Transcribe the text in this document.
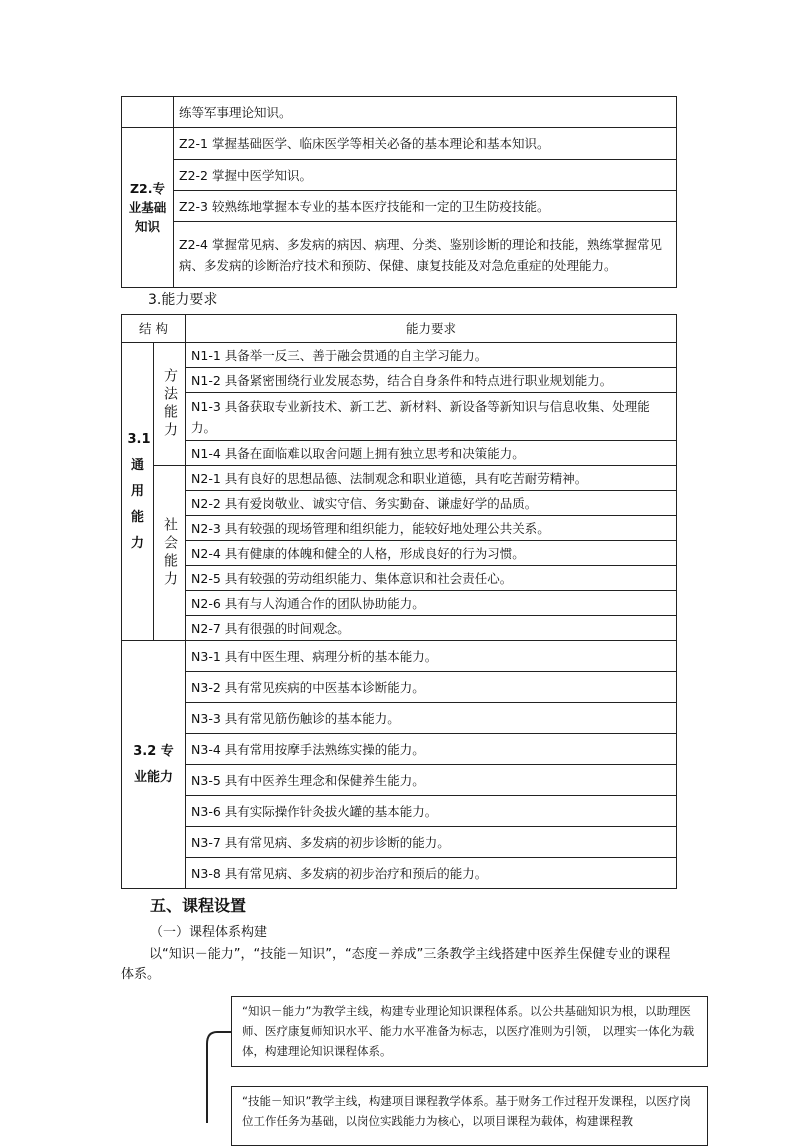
	练等军事理论知识。
Z2.专业基础知识	Z2-1 掌握基础医学、临床医学等相关必备的基本理论和基本知识。
	Z2-2 掌握中医学知识。
	Z2-3 较熟练地掌握本专业的基本医疗技能和一定的卫生防疫技能。
	Z2-4 掌握常见病、多发病的病因、病理、分类、鉴别诊断的理论和技能，熟练掌握常见病、多发病的诊断治疗技术和预防、保健、康复技能及对急危重症的处理能力。
3.能力要求
结 构		能力要求

3.1 通用能力	方法能力	N1-1 具备举一反三、善于融会贯通的自主学习能力。
		N1-2 具备紧密围绕行业发展态势，结合自身条件和特点进行职业规划能力。
		N1-3 具备获取专业新技术、新工艺、新材料、新设备等新知识与信息收集、处理能力。
		N1-4 具备在面临难以取舍问题上拥有独立思考和决策能力。

	社会能力	N2-1 具有良好的思想品德、法制观念和职业道德，具有吃苦耐劳精神。
		N2-2 具有爱岗敬业、诚实守信、务实勤奋、谦虚好学的品质。
		N2-3 具有较强的现场管理和组织能力，能较好地处理公共关系。
		N2-4 具有健康的体魄和健全的人格，形成良好的行为习惯。
		N2-5 具有较强的劳动组织能力、集体意识和社会责任心。
		N2-6 具有与人沟通合作的团队协助能力。
		N2-7 具有很强的时间观念。

3.2 专业能力		N3-1 具有中医生理、病理分析的基本能力。
		N3-2 具有常见疾病的中医基本诊断能力。
		N3-3 具有常见筋伤触诊的基本能力。
		N3-4 具有常用按摩手法熟练实操的能力。
		N3-5 具有中医养生理念和保健养生能力。
		N3-6 具有实际操作针灸拔火罐的基本能力。
		N3-7 具有常见病、多发病的初步诊断的能力。
		N3-8 具有常见病、多发病的初步治疗和预后的能力。
五、课程设置
（一）课程体系构建
以“知识－能力”，“技能－知识”，“态度－养成”三条教学主线搭建中医养生保健专业的课程体系。
“知识－能力”为教学主线，构建专业理论知识课程体系。以公共基础知识为根，以助理医师、医疗康复师知识水平、能力水平准备为标志，以医疗准则为引领， 以理实一体化为载体，构建理论知识课程体系。
“技能－知识”教学主线，构建项目课程教学体系。基于财务工作过程开发课程，以医疗岗位工作任务为基础，以岗位实践能力为核心，以项目课程为载体，构建课程教
